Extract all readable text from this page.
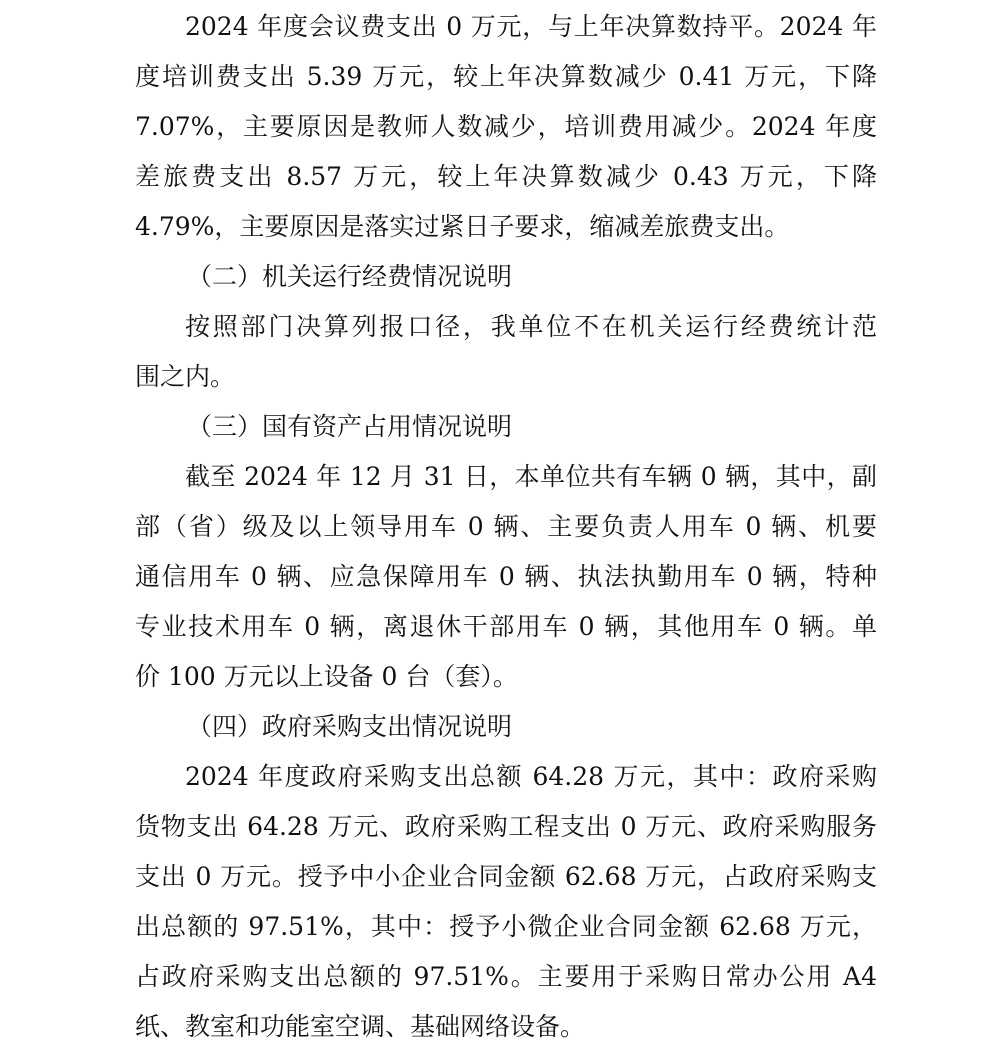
2024 年度会议费支出 0 万元，与上年决算数持平。2024 年
度培训费支出 5.39 万元，较上年决算数减少 0.41 万元，下降
7.07%，主要原因是教师人数减少，培训费用减少。2024 年度
差旅费支出 8.57 万元，较上年决算数减少 0.43 万元，下降
4.79%，主要原因是落实过紧日子要求，缩减差旅费支出。
（二）机关运行经费情况说明
按照部门决算列报口径，我单位不在机关运行经费统计范
围之内。
（三）国有资产占用情况说明
截至 2024 年 12 月 31 日，本单位共有车辆 0 辆，其中，副
部（省）级及以上领导用车 0 辆、主要负责人用车 0 辆、机要
通信用车 0 辆、应急保障用车 0 辆、执法执勤用车 0 辆，特种
专业技术用车 0 辆，离退休干部用车 0 辆，其他用车 0 辆。单
价 100 万元以上设备 0 台（套）。
（四）政府采购支出情况说明
2024 年度政府采购支出总额 64.28 万元，其中：政府采购
货物支出 64.28 万元、政府采购工程支出 0 万元、政府采购服务
支出 0 万元。授予中小企业合同金额 62.68 万元，占政府采购支
出总额的 97.51%，其中：授予小微企业合同金额 62.68 万元，
占政府采购支出总额的 97.51%。主要用于采购日常办公用 A4
纸、教室和功能室空调、基础网络设备。
